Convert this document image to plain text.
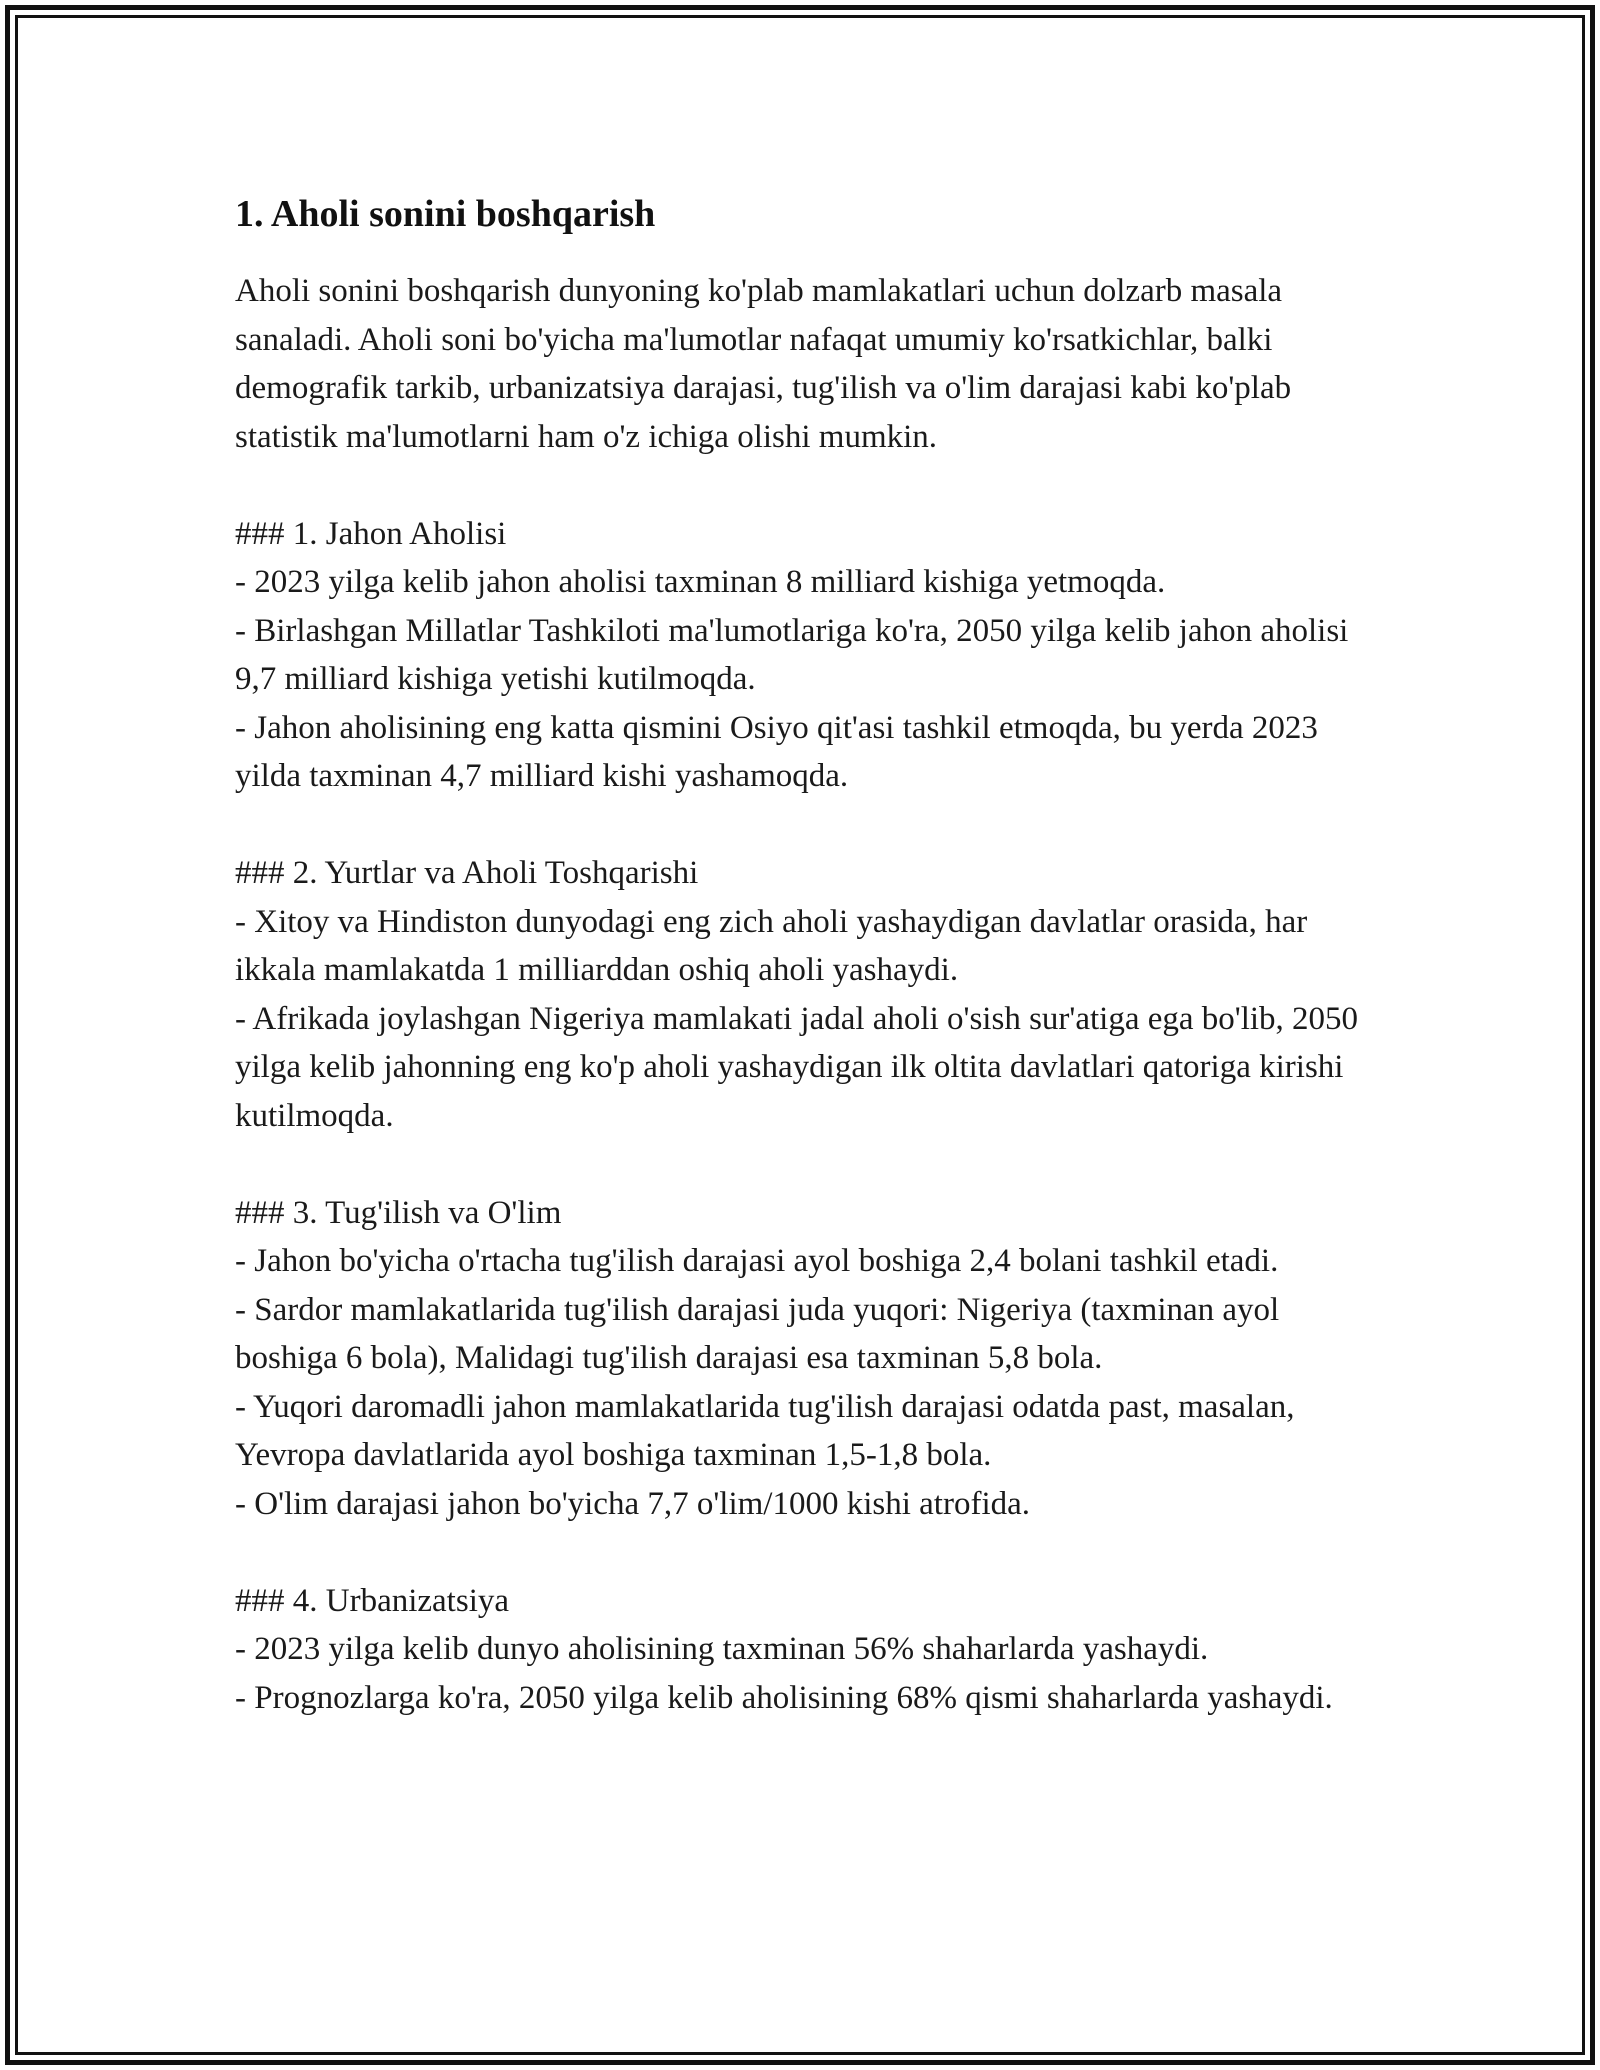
1. Aholi sonini boshqarish

Aholi sonini boshqarish dunyoning ko'plab mamlakatlari uchun dolzarb masala sanaladi. Aholi soni bo'yicha ma'lumotlar nafaqat umumiy ko'rsatkichlar, balki demografik tarkib, urbanizatsiya darajasi, tug'ilish va o'lim darajasi kabi ko'plab statistik ma'lumotlarni ham o'z ichiga olishi mumkin.

### 1. Jahon Aholisi

- 2023 yilga kelib jahon aholisi taxminan 8 milliard kishiga yetmoqda.

- Birlashgan Millatlar Tashkiloti ma'lumotlariga ko'ra, 2050 yilga kelib jahon aholisi 9,7 milliard kishiga yetishi kutilmoqda.

- Jahon aholisining eng katta qismini Osiyo qit'asi tashkil etmoqda, bu yerda 2023 yilda taxminan 4,7 milliard kishi yashamoqda.

### 2. Yurtlar va Aholi Toshqarishi

- Xitoy va Hindiston dunyodagi eng zich aholi yashaydigan davlatlar orasida, har ikkala mamlakatda 1 milliarddan oshiq aholi yashaydi.

- Afrikada joylashgan Nigeriya mamlakati jadal aholi o'sish sur'atiga ega bo'lib, 2050 yilga kelib jahonning eng ko'p aholi yashaydigan ilk oltita davlatlari qatoriga kirishi kutilmoqda.

### 3. Tug'ilish va O'lim

- Jahon bo'yicha o'rtacha tug'ilish darajasi ayol boshiga 2,4 bolani tashkil etadi.

- Sardor mamlakatlarida tug'ilish darajasi juda yuqori: Nigeriya (taxminan ayol boshiga 6 bola), Malidagi tug'ilish darajasi esa taxminan 5,8 bola.

- Yuqori daromadli jahon mamlakatlarida tug'ilish darajasi odatda past, masalan, Yevropa davlatlarida ayol boshiga taxminan 1,5-1,8 bola.

- O'lim darajasi jahon bo'yicha 7,7 o'lim/1000 kishi atrofida.

### 4. Urbanizatsiya

- 2023 yilga kelib dunyo aholisining taxminan 56% shaharlarda yashaydi.

- Prognozlarga ko'ra, 2050 yilga kelib aholisining 68% qismi shaharlarda yashaydi.
